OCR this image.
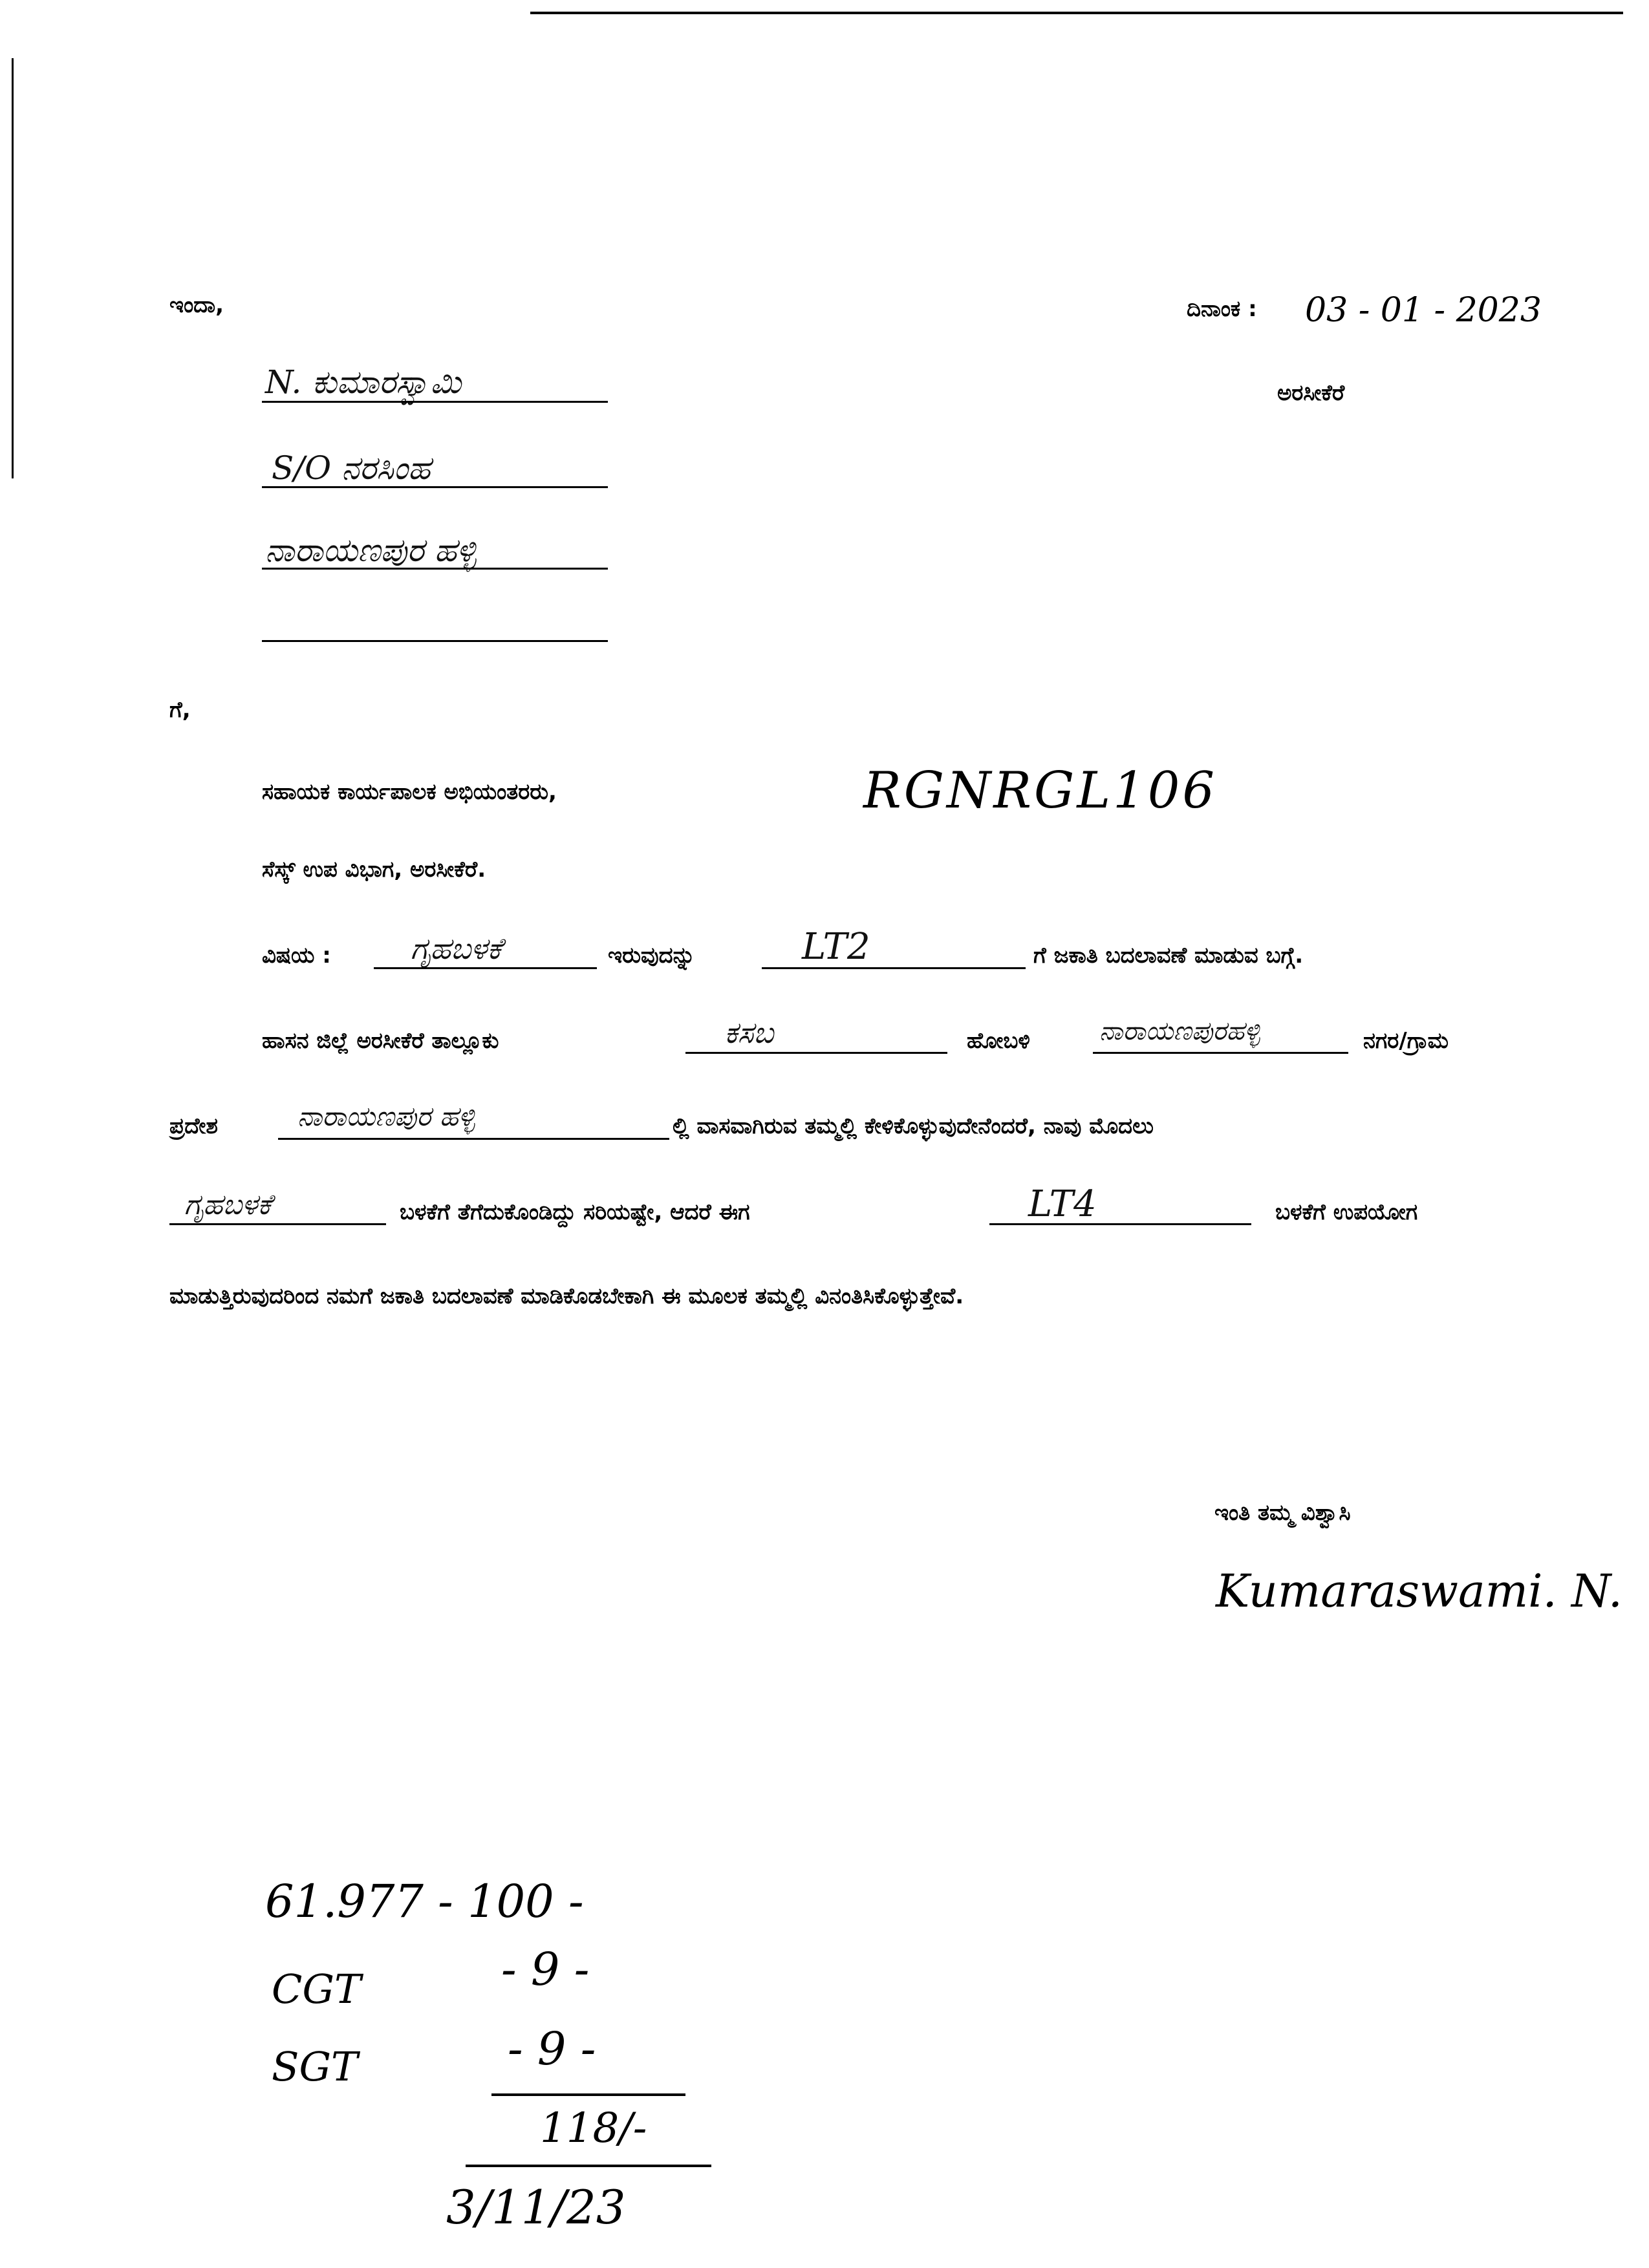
ಇಂದಾ,	ದಿನಾಂಕ : 03 - 01 - 2023
ಅರಸೀಕೆರೆ
N. ಕುಮಾರಸ್ವಾಮಿ
S/O ನರಸಿಂಹ
ನಾರಾಯಣಪುರ ಹಳ್ಳಿ
ಗೆ,
ಸಹಾಯಕ ಕಾರ್ಯಪಾಲಕ ಅಭಿಯಂತರರು,	RGNRGL106
ಸೆಸ್ಕ್ ಉಪ ವಿಭಾಗ, ಅರಸೀಕೆರೆ.
ವಿಷಯ :	ಗೃಹಬಳಕೆ	ಇರುವುದನ್ನು	LT2	ಗೆ ಜಕಾತಿ ಬದಲಾವಣೆ ಮಾಡುವ ಬಗ್ಗೆ.
ಹಾಸನ ಜಿಲ್ಲೆ ಅರಸೀಕೆರೆ ತಾಲ್ಲೂಕು	ಕಸಬ	ಹೋಬಳಿ	ನಾರಾಯಣಪುರಹಳ್ಳಿ	ನಗರ/ಗ್ರಾಮ
ಪ್ರದೇಶ	ನಾರಾಯಣಪುರ ಹಳ್ಳಿ	ಲ್ಲಿ ವಾಸವಾಗಿರುವ ತಮ್ಮಲ್ಲಿ ಕೇಳಿಕೊಳ್ಳುವುದೇನೆಂದರೆ, ನಾವು ಮೊದಲು
ಗೃಹಬಳಕೆ	ಬಳಕೆಗೆ ತೆಗೆದುಕೊಂಡಿದ್ದು ಸರಿಯಷ್ಟೇ, ಆದರೆ ಈಗ	LT4	ಬಳಕೆಗೆ ಉಪಯೋಗ
ಮಾಡುತ್ತಿರುವುದರಿಂದ ನಮಗೆ ಜಕಾತಿ ಬದಲಾವಣೆ ಮಾಡಿಕೊಡಬೇಕಾಗಿ ಈ ಮೂಲಕ ತಮ್ಮಲ್ಲಿ ವಿನಂತಿಸಿಕೊಳ್ಳುತ್ತೇವೆ.
ಇಂತಿ ತಮ್ಮ ವಿಶ್ವಾಸಿ
Kumaraswami. N.
61.977 - 100 -
CGT	- 9 -
SGT	- 9 -
118/-
3/11/23
